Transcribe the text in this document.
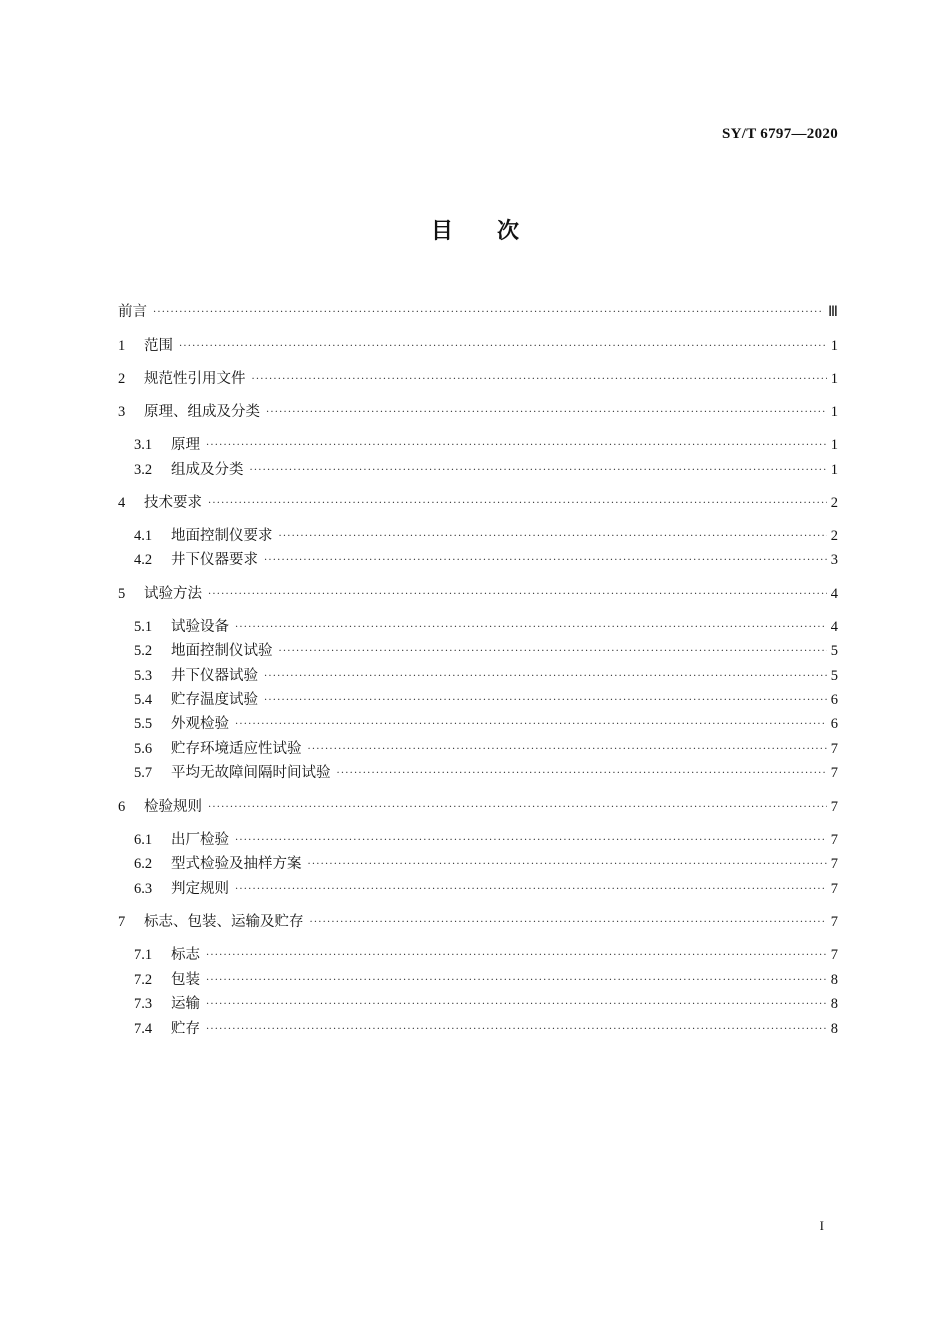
SY/T 6797—2020
目次
前言 ·····	Ⅲ
1	范围 ·····	1
2	规范性引用文件 ·····	1
3	原理、组成及分类 ·····	1
3.1	原理 ·····	1
3.2	组成及分类 ·····	1
4	技术要求 ·····	2
4.1	地面控制仪要求 ·····	2
4.2	井下仪器要求 ·····	3
5	试验方法 ·····	4
5.1	试验设备 ·····	4
5.2	地面控制仪试验 ·····	5
5.3	井下仪器试验 ·····	5
5.4	贮存温度试验 ·····	6
5.5	外观检验 ·····	6
5.6	贮存环境适应性试验 ·····	7
5.7	平均无故障间隔时间试验 ·····	7
6	检验规则 ·····	7
6.1	出厂检验 ·····	7
6.2	型式检验及抽样方案 ·····	7
6.3	判定规则 ·····	7
7	标志、包装、运输及贮存 ·····	7
7.1	标志 ·····	7
7.2	包装 ·····	8
7.3	运输 ·····	8
7.4	贮存 ·····	8
I
